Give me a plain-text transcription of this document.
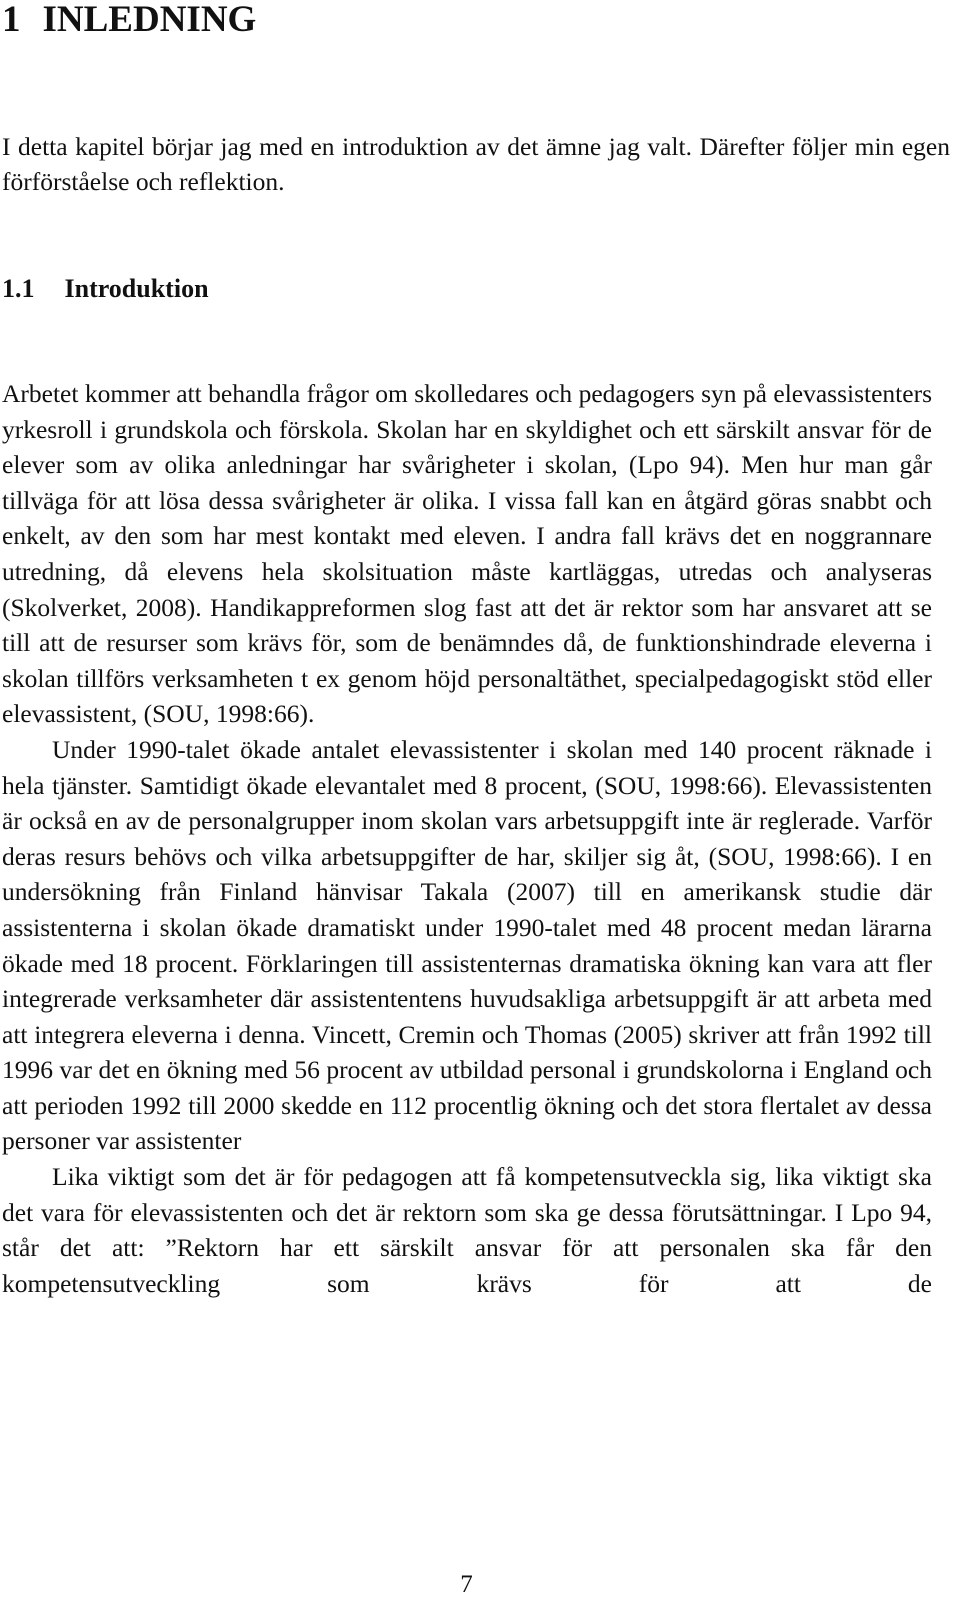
1 INLEDNING

I detta kapitel börjar jag med en introduktion av det ämne jag valt. Därefter följer min egen förförståelse och reflektion.

1.1 Introduktion

Arbetet kommer att behandla frågor om skolledares och pedagogers syn på elevassistenters yrkesroll i grundskola och förskola. Skolan har en skyldighet och ett särskilt ansvar för de elever som av olika anledningar har svårigheter i skolan, (Lpo 94). Men hur man går tillväga för att lösa dessa svårigheter är olika. I vissa fall kan en åtgärd göras snabbt och enkelt, av den som har mest kontakt med eleven. I andra fall krävs det en noggrannare utredning, då elevens hela skolsituation måste kartläggas, utredas och analyseras (Skolverket, 2008). Handikappreformen slog fast att det är rektor som har ansvaret att se till att de resurser som krävs för, som de benämndes då, de funktionshindrade eleverna i skolan tillförs verksamheten t ex genom höjd personaltäthet, specialpedagogiskt stöd eller elevassistent, (SOU, 1998:66).

Under 1990-talet ökade antalet elevassistenter i skolan med 140 procent räknade i hela tjänster. Samtidigt ökade elevantalet med 8 procent, (SOU, 1998:66). Elevassistenten är också en av de personalgrupper inom skolan vars arbetsuppgift inte är reglerade. Varför deras resurs behövs och vilka arbetsuppgifter de har, skiljer sig åt, (SOU, 1998:66). I en undersökning från Finland hänvisar Takala (2007) till en amerikansk studie där assistenterna i skolan ökade dramatiskt under 1990-talet med 48 procent medan lärarna ökade med 18 procent. Förklaringen till assistenternas dramatiska ökning kan vara att fler integrerade verksamheter där assistententens huvudsakliga arbetsuppgift är att arbeta med att integrera eleverna i denna. Vincett, Cremin och Thomas (2005) skriver att från 1992 till 1996 var det en ökning med 56 procent av utbildad personal i grundskolorna i England och att perioden 1992 till 2000 skedde en 112 procentlig ökning och det stora flertalet av dessa personer var assistenter

Lika viktigt som det är för pedagogen att få kompetensutveckla sig, lika viktigt ska det vara för elevassistenten och det är rektorn som ska ge dessa förutsättningar. I Lpo 94, står det att: ”Rektorn har ett särskilt ansvar för att personalen ska får den kompetensutveckling som krävs för att de

7
